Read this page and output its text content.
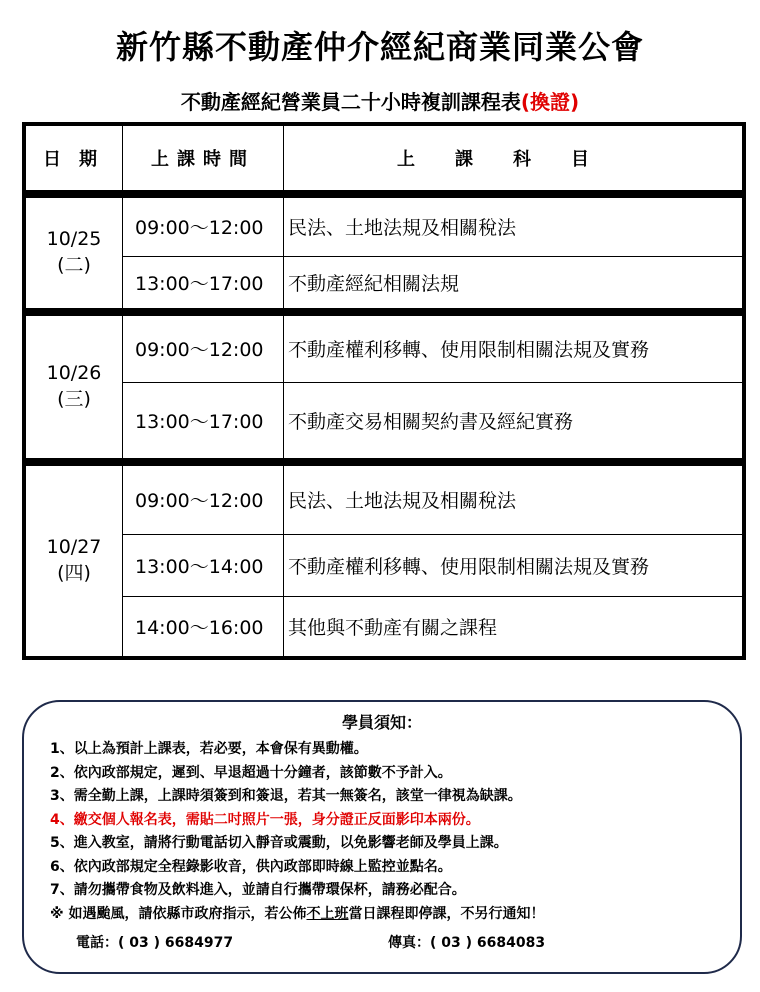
新竹縣不動產仲介經紀商業同業公會
不動產經紀營業員二十小時複訓課程表(換證)
日期	上課時間	上課科目

10/25
(二)	09:00～12:00	民法、土地法規及相關稅法
	13:00～17:00	不動產經紀相關法規

10/26
(三)	09:00～12:00	不動產權利移轉、使用限制相關法規及實務
	13:00～17:00	不動產交易相關契約書及經紀實務

10/27
(四)	09:00～12:00	民法、土地法規及相關稅法
	13:00～14:00	不動產權利移轉、使用限制相關法規及實務
	14:00～16:00	其他與不動產有關之課程
學員須知：
1、以上為預計上課表，若必要，本會保有異動權。
2、依內政部規定，遲到、早退超過十分鐘者，該節數不予計入。
3、需全勤上課，上課時須簽到和簽退，若其一無簽名，該堂一律視為缺課。
4、繳交個人報名表，需貼二吋照片一張，身分證正反面影印本兩份。
5、進入教室，請將行動電話切入靜音或震動，以免影響老師及學員上課。
6、依內政部規定全程錄影收音，供內政部即時線上監控並點名。
7、請勿攜帶食物及飲料進入，並請自行攜帶環保杯，請務必配合。
※ 如遇颱風，請依縣市政府指示，若公佈不上班當日課程即停課，不另行通知！
電話：( 03 ) 6684977	傳真：( 03 ) 6684083
